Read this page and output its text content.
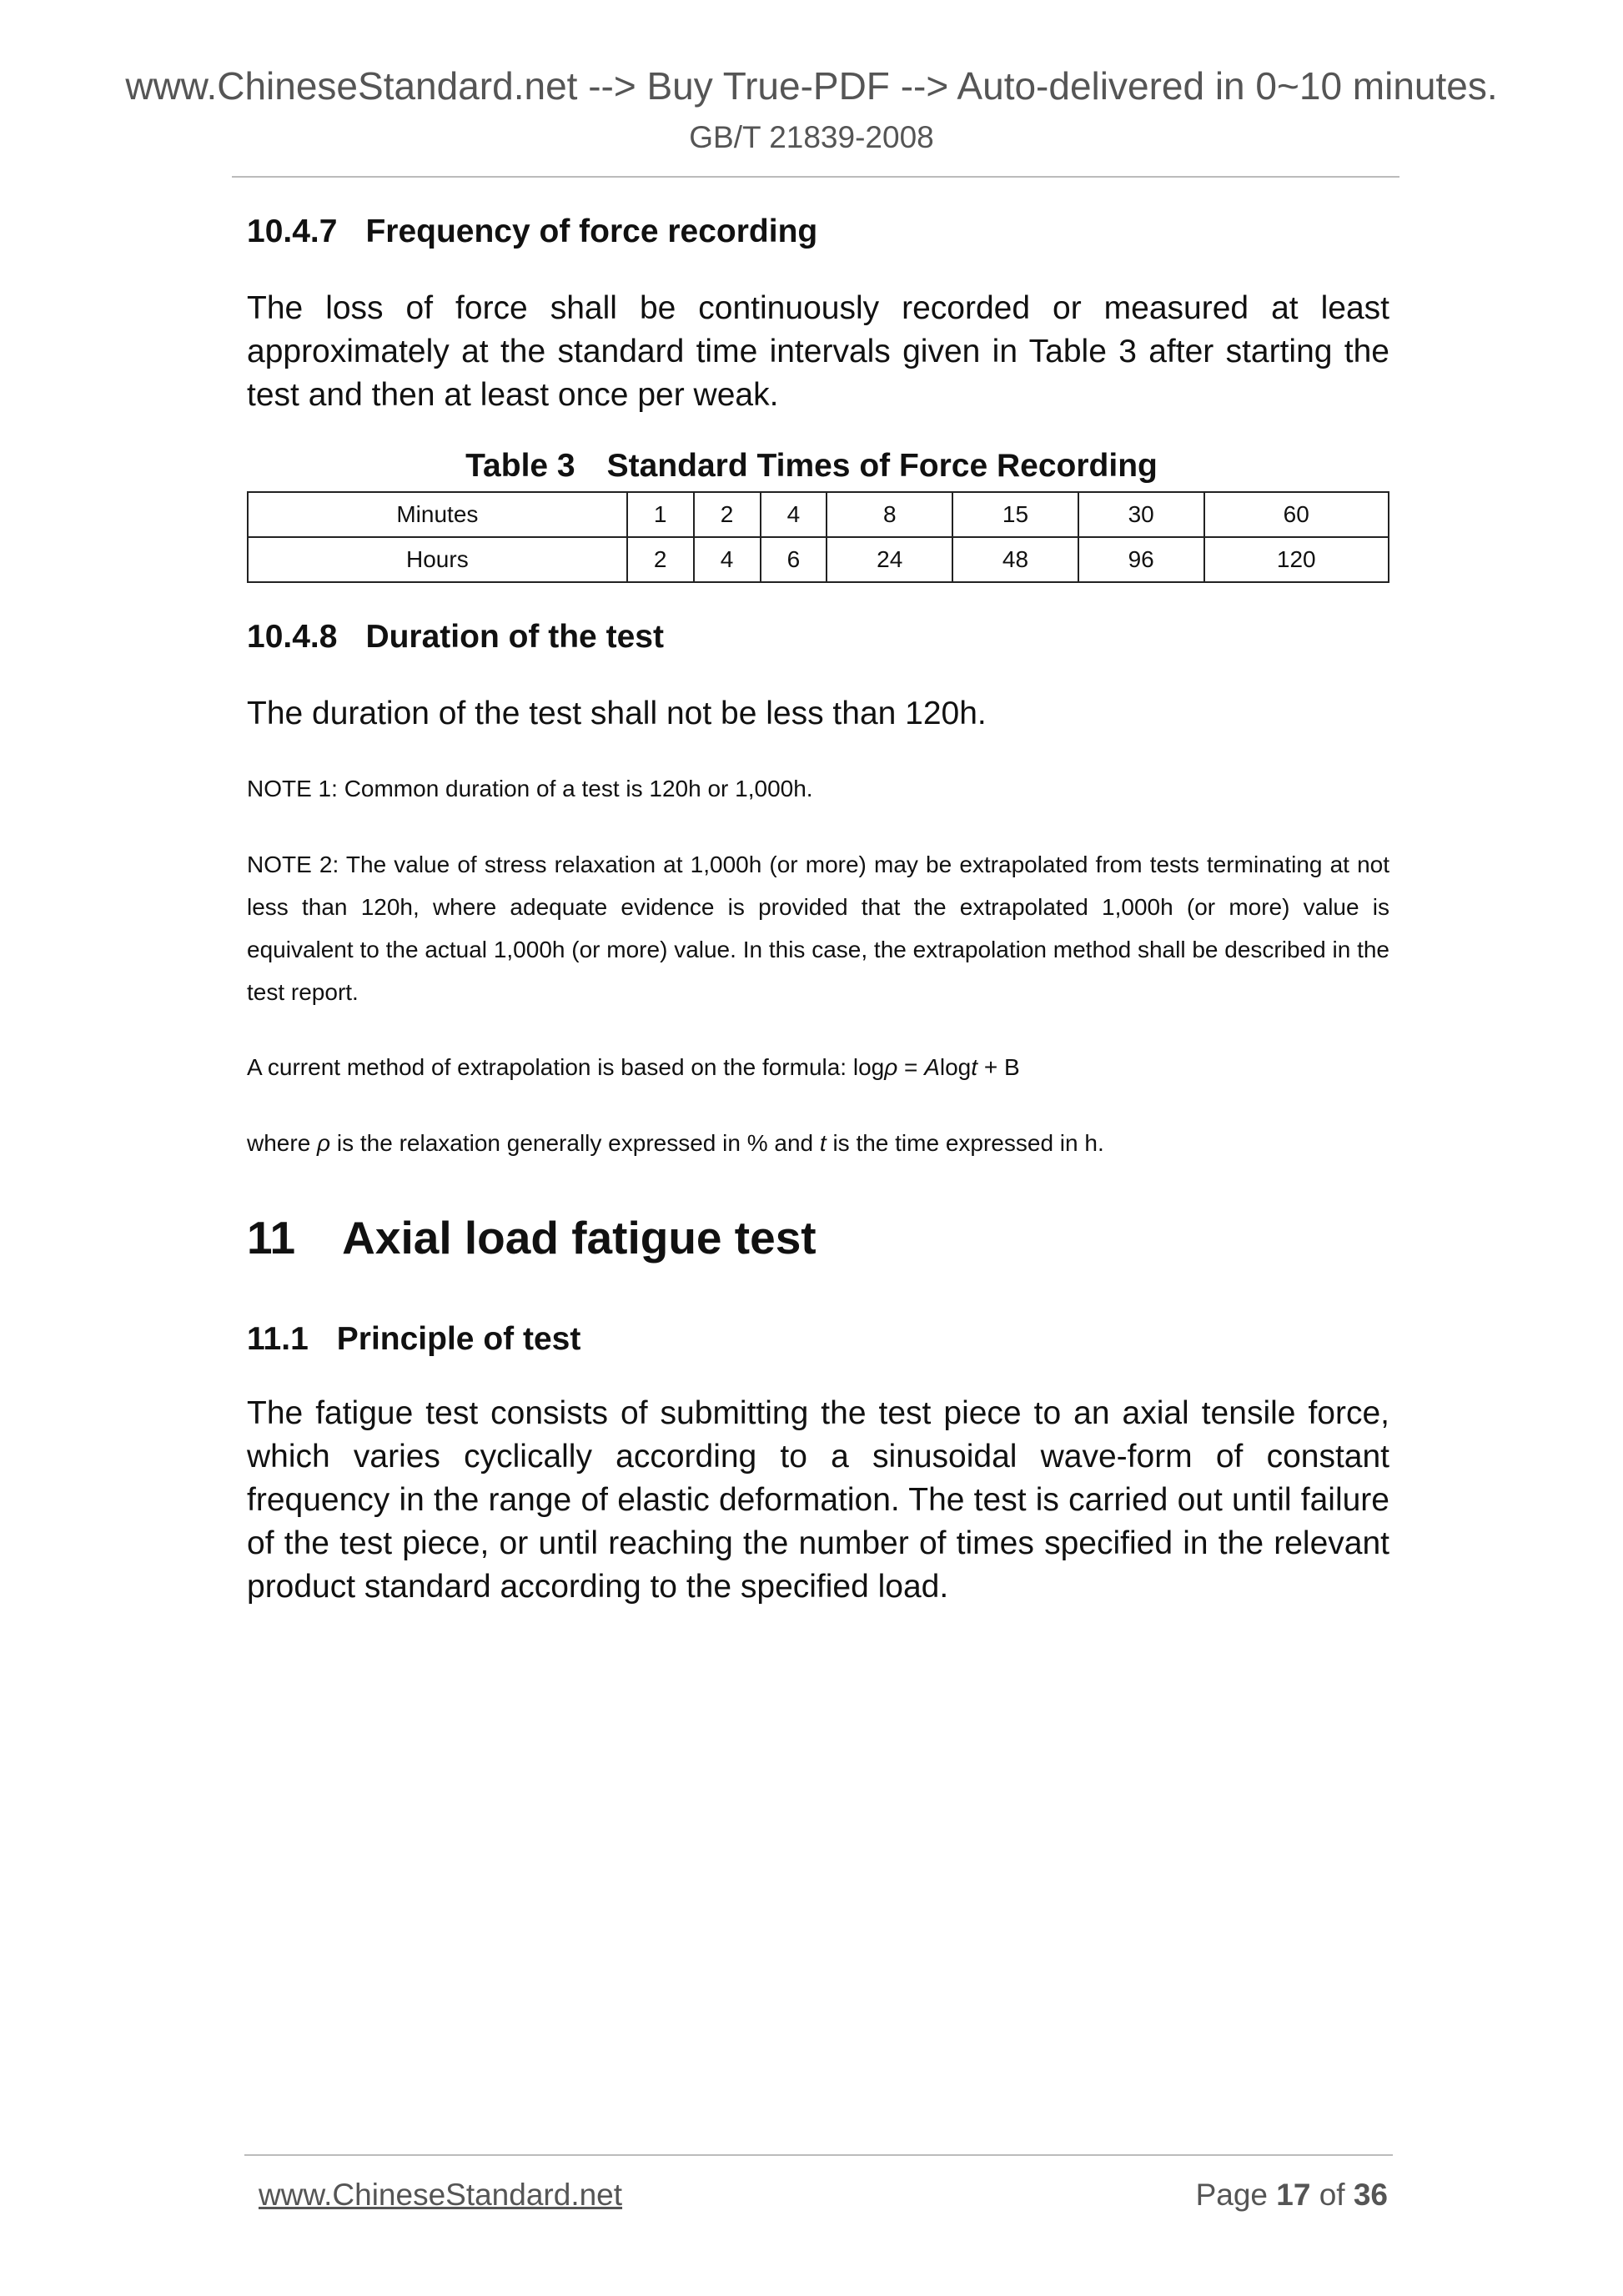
www.ChineseStandard.net --> Buy True-PDF --> Auto-delivered in 0~10 minutes.
GB/T 21839-2008
10.4.7 Frequency of force recording
The loss of force shall be continuously recorded or measured at least approximately at the standard time intervals given in Table 3 after starting the test and then at least once per weak.
Table 3 Standard Times of Force Recording
Minutes	1	2	4	8	15	30	60
Hours	2	4	6	24	48	96	120
10.4.8 Duration of the test
The duration of the test shall not be less than 120h.
NOTE 1: Common duration of a test is 120h or 1,000h.
NOTE 2: The value of stress relaxation at 1,000h (or more) may be extrapolated from tests terminating at not less than 120h, where adequate evidence is provided that the extrapolated 1,000h (or more) value is equivalent to the actual 1,000h (or more) value. In this case, the extrapolation method shall be described in the test report.
A current method of extrapolation is based on the formula: logρ = Alogt + B
where ρ is the relaxation generally expressed in % and t is the time expressed in h.
11 Axial load fatigue test
11.1 Principle of test
The fatigue test consists of submitting the test piece to an axial tensile force, which varies cyclically according to a sinusoidal wave-form of constant frequency in the range of elastic deformation. The test is carried out until failure of the test piece, or until reaching the number of times specified in the relevant product standard according to the specified load.
www.ChineseStandard.net	Page 17 of 36
